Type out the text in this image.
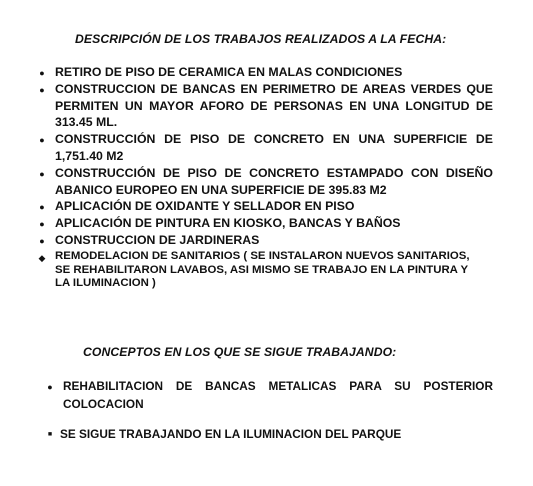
DESCRIPCIÓN DE LOS TRABAJOS REALIZADOS A LA FECHA:
● RETIRO DE PISO DE CERAMICA EN MALAS CONDICIONES
● CONSTRUCCION DE BANCAS EN PERIMETRO DE AREAS VERDES QUE PERMITEN UN MAYOR AFORO DE PERSONAS EN UNA LONGITUD DE 313.45 ML.
● CONSTRUCCIÓN DE PISO DE CONCRETO EN UNA SUPERFICIE DE 1,751.40 M2
● CONSTRUCCIÓN DE PISO DE CONCRETO ESTAMPADO CON DISEÑO ABANICO EUROPEO EN UNA SUPERFICIE DE 395.83 M2
● APLICACIÓN DE OXIDANTE Y SELLADOR EN PISO
● APLICACIÓN DE PINTURA EN KIOSKO, BANCAS Y BAÑOS
● CONSTRUCCION DE JARDINERAS
◆ REMODELACION DE SANITARIOS ( SE INSTALARON NUEVOS SANITARIOS, SE REHABILITARON LAVABOS, ASI MISMO SE TRABAJO EN LA PINTURA Y LA ILUMINACION )
CONCEPTOS EN LOS QUE SE SIGUE TRABAJANDO:
● REHABILITACION DE BANCAS METALICAS PARA SU POSTERIOR COLOCACION
■ SE SIGUE TRABAJANDO EN LA ILUMINACION DEL PARQUE
